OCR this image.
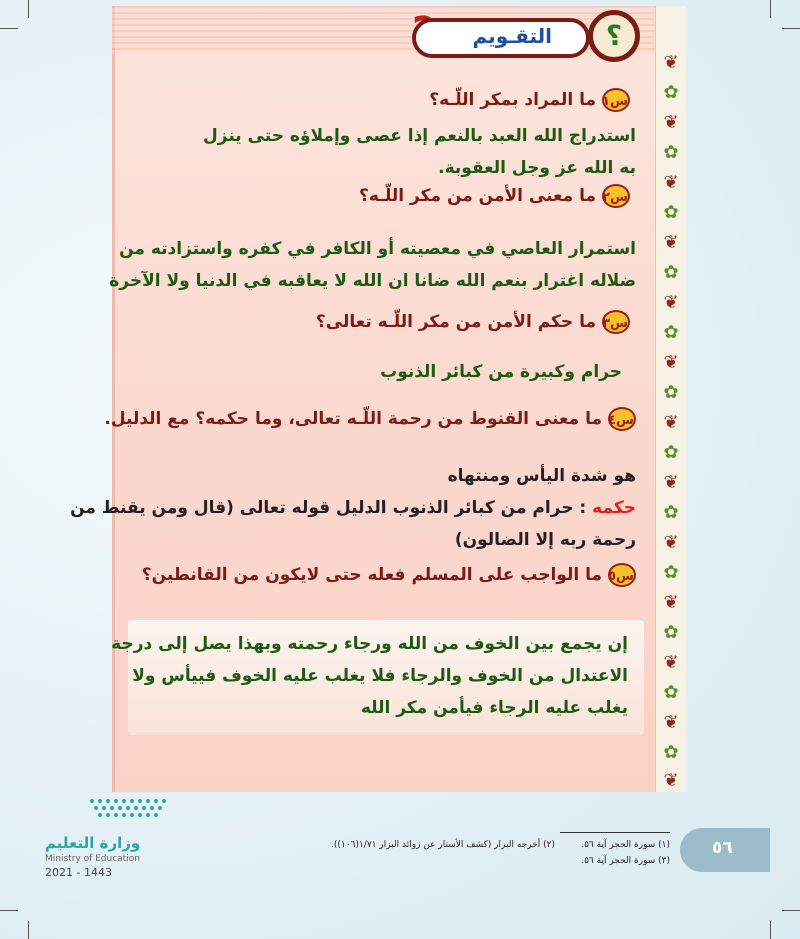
❦
✿
❦
✿
❦
✿
❦
✿
❦
✿
❦
✿
❦
✿
❦
✿
❦
✿
❦
✿
❦
✿
❦
✿
❦
التقـويم	؟
س١ما المراد بمكر اللّـه؟
استدراج الله العبد بالنعم إذا عصى وإملاؤه حتى ينزل
به الله عز وجل العقوبة.
س٢ما معنى الأمن من مكر اللّـه؟
استمرار العاصي في معصيته أو الكافر في كفره واستزادته من
ضلاله اغترار بنعم الله ضانا ان الله لا يعاقبه في الدنيا ولا الآخرة
س٣ما حكم الأمن من مكر اللّـه تعالى؟
حرام وكبيرة من كبائر الذنوب
س٤ما معنى القنوط من رحمة اللّـه تعالى، وما حكمه؟ مع الدليل.
هو شدة اليأس ومنتهاه
حكمه : حرام من كبائر الذنوب الدليل قوله تعالى (قال ومن يقنط من
رحمة ربه إلا الضالون)
س٥ما الواجب على المسلم فعله حتى لايكون من القانطين؟
إن يجمع بين الخوف من الله ورجاء رحمته وبهذا يصل إلى درجة
الاعتدال من الخوف والرجاء فلا يغلب عليه الخوف فييأس ولا
يغلب عليه الرجاء فيأمن مكر الله
وزارة التعليم
Ministry of Education
2021 - 1443
(١) سورة الحجر آية ٥٦.
(٣) سورة الحجر آية ٥٦.
(٢) أخرجه البزار (كشف الأستار عن زوائد البزار ١/٧١(١٠٦)).	٥٦
